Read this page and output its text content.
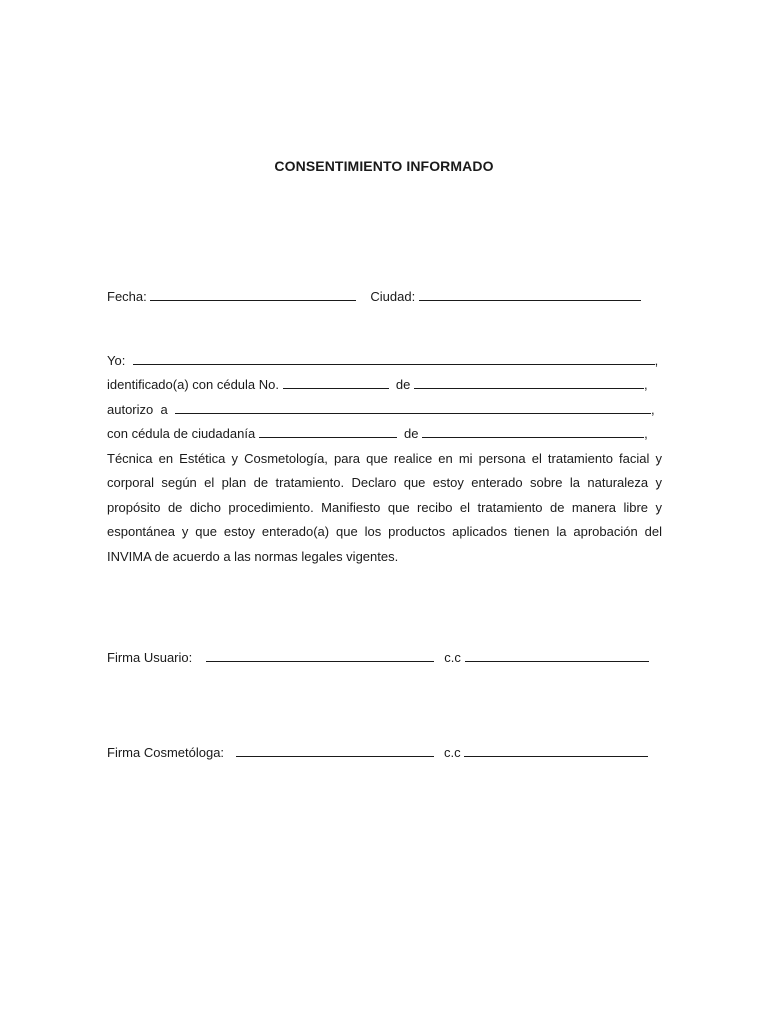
CONSENTIMIENTO INFORMADO
Fecha:	Ciudad:
Yo:	,
identificado(a) con cédula No.	de	,
autorizo  a	,
con cédula de ciudadanía	de	,
Técnica en Estética y Cosmetología, para que realice en mi persona el tratamiento facial y
corporal según el plan de tratamiento. Declaro que estoy enterado sobre la naturaleza y
propósito de dicho procedimiento. Manifiesto que recibo el tratamiento de manera libre y
espontánea y que estoy enterado(a) que los productos aplicados tienen la aprobación del
INVIMA de acuerdo a las normas legales vigentes.
Firma Usuario:	c.c
Firma Cosmetóloga:	c.c
